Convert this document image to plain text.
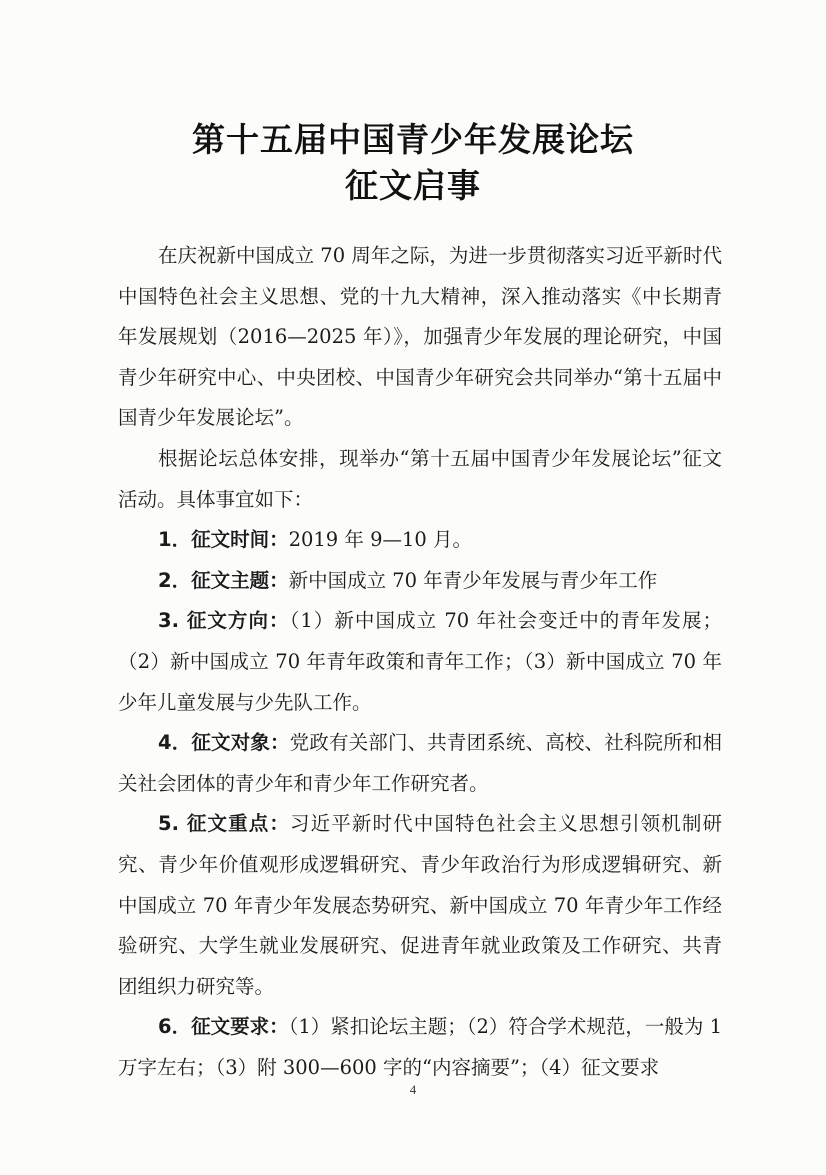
第十五届中国青少年发展论坛
征文启事

在庆祝新中国成立 70 周年之际，为进一步贯彻落实习近平新时代中国特色社会主义思想、党的十九大精神，深入推动落实《中长期青年发展规划（2016—2025 年）》，加强青少年发展的理论研究，中国青少年研究中心、中央团校、中国青少年研究会共同举办“第十五届中国青少年发展论坛”。

根据论坛总体安排，现举办“第十五届中国青少年发展论坛”征文活动。具体事宜如下：

1．征文时间：2019 年 9—10 月。

2．征文主题：新中国成立 70 年青少年发展与青少年工作

3. 征文方向：（1）新中国成立 70 年社会变迁中的青年发展；（2）新中国成立 70 年青年政策和青年工作；（3）新中国成立 70 年少年儿童发展与少先队工作。

4．征文对象：党政有关部门、共青团系统、高校、社科院所和相关社会团体的青少年和青少年工作研究者。

5. 征文重点：习近平新时代中国特色社会主义思想引领机制研究、青少年价值观形成逻辑研究、青少年政治行为形成逻辑研究、新中国成立 70 年青少年发展态势研究、新中国成立 70 年青少年工作经验研究、大学生就业发展研究、促进青年就业政策及工作研究、共青团组织力研究等。

6．征文要求：（1）紧扣论坛主题；（2）符合学术规范，一般为 1 万字左右；（3）附 300—600 字的“内容摘要”；（4）征文要求

4
